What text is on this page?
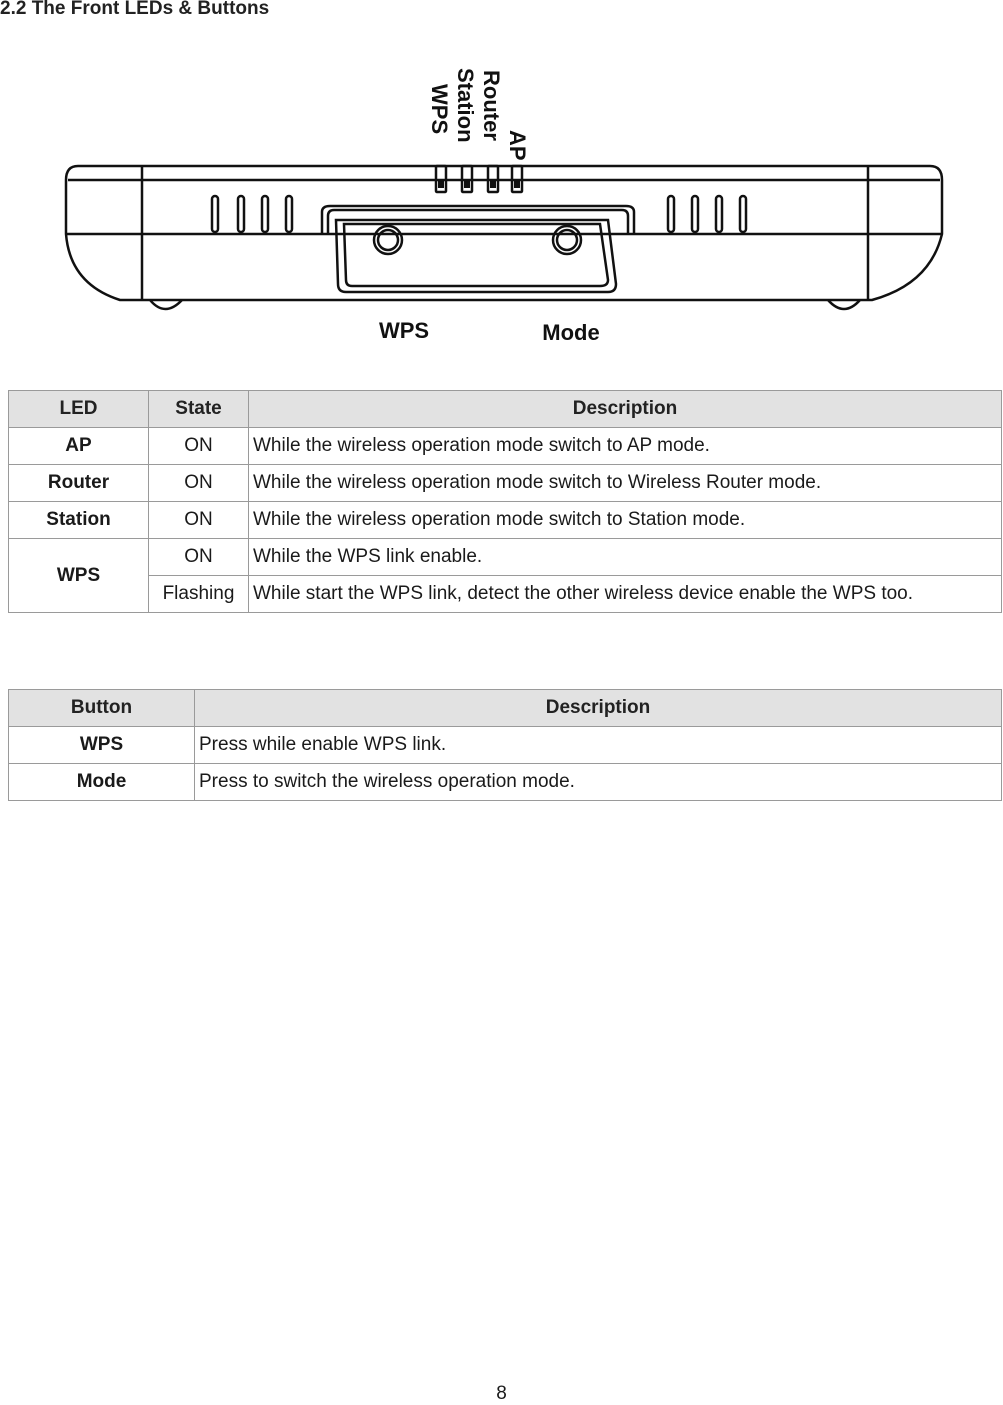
2.2 The Front LEDs & Buttons
AP
Router
Station
WPS
WPS	Mode
LED	State	Description
AP	ON	While the wireless operation mode switch to AP mode.
Router	ON	While the wireless operation mode switch to Wireless Router mode.
Station	ON	While the wireless operation mode switch to Station mode.
WPS	ON	While the WPS link enable.
	Flashing	While start the WPS link, detect the other wireless device enable the WPS too.
Button	Description
WPS	Press while enable WPS link.
Mode	Press to switch the wireless operation mode.
8
